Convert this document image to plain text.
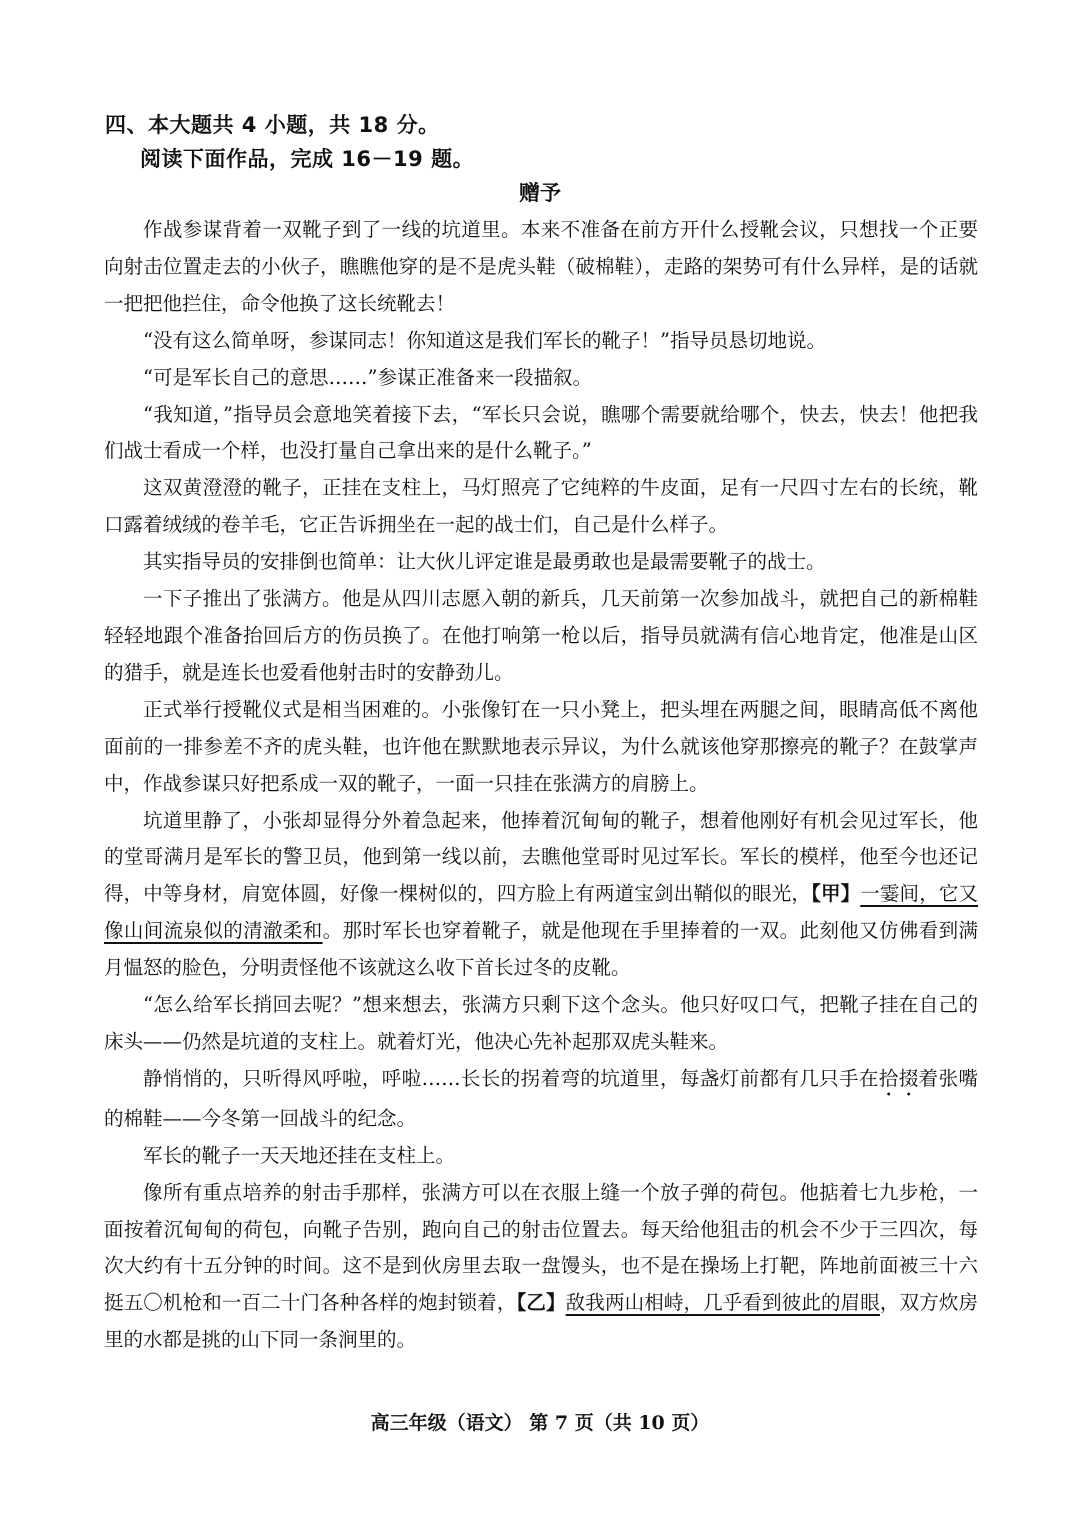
四、本大题共 4 小题，共 18 分。
阅读下面作品，完成 16－19 题。
赠予

作战参谋背着一双靴子到了一线的坑道里。本来不准备在前方开什么授靴会议，只想找一个正要向射击位置走去的小伙子，瞧瞧他穿的是不是虎头鞋（破棉鞋），走路的架势可有什么异样，是的话就一把把他拦住，命令他换了这长统靴去！

“没有这么简单呀，参谋同志！你知道这是我们军长的靴子！”指导员恳切地说。

“可是军长自己的意思……”参谋正准备来一段描叙。

“我知道，”指导员会意地笑着接下去，“军长只会说，瞧哪个需要就给哪个，快去，快去！他把我们战士看成一个样，也没打量自己拿出来的是什么靴子。”

这双黄澄澄的靴子，正挂在支柱上，马灯照亮了它纯粹的牛皮面，足有一尺四寸左右的长统，靴口露着绒绒的卷羊毛，它正告诉拥坐在一起的战士们，自己是什么样子。

其实指导员的安排倒也简单：让大伙儿评定谁是最勇敢也是最需要靴子的战士。

一下子推出了张满方。他是从四川志愿入朝的新兵，几天前第一次参加战斗，就把自己的新棉鞋轻轻地跟个准备抬回后方的伤员换了。在他打响第一枪以后，指导员就满有信心地肯定，他准是山区的猎手，就是连长也爱看他射击时的安静劲儿。

正式举行授靴仪式是相当困难的。小张像钉在一只小凳上，把头埋在两腿之间，眼睛高低不离他面前的一排参差不齐的虎头鞋，也许他在默默地表示异议，为什么就该他穿那擦亮的靴子？在鼓掌声中，作战参谋只好把系成一双的靴子，一面一只挂在张满方的肩膀上。

坑道里静了，小张却显得分外着急起来，他捧着沉甸甸的靴子，想着他刚好有机会见过军长，他的堂哥满月是军长的警卫员，他到第一线以前，去瞧他堂哥时见过军长。军长的模样，他至今也还记得，中等身材，肩宽体圆，好像一棵树似的，四方脸上有两道宝剑出鞘似的眼光，【甲】一霎间，它又像山间流泉似的清澈柔和。那时军长也穿着靴子，就是他现在手里捧着的一双。此刻他又仿佛看到满月愠怒的脸色，分明责怪他不该就这么收下首长过冬的皮靴。

“怎么给军长捎回去呢？”想来想去，张满方只剩下这个念头。他只好叹口气，把靴子挂在自己的床头——仍然是坑道的支柱上。就着灯光，他决心先补起那双虎头鞋来。

静悄悄的，只听得风呼啦，呼啦……长长的拐着弯的坑道里，每盏灯前都有几只手在拾掇着张嘴的棉鞋——今冬第一回战斗的纪念。

军长的靴子一天天地还挂在支柱上。

像所有重点培养的射击手那样，张满方可以在衣服上缝一个放子弹的荷包。他掂着七九步枪，一面按着沉甸甸的荷包，向靴子告别，跑向自己的射击位置去。每天给他狙击的机会不少于三四次，每次大约有十五分钟的时间。这不是到伙房里去取一盘馒头，也不是在操场上打靶，阵地前面被三十六挺五〇机枪和一百二十门各种各样的炮封锁着，【乙】敌我两山相峙，几乎看到彼此的眉眼，双方炊房里的水都是挑的山下同一条涧里的。

高三年级（语文） 第 7 页（共 10 页）
